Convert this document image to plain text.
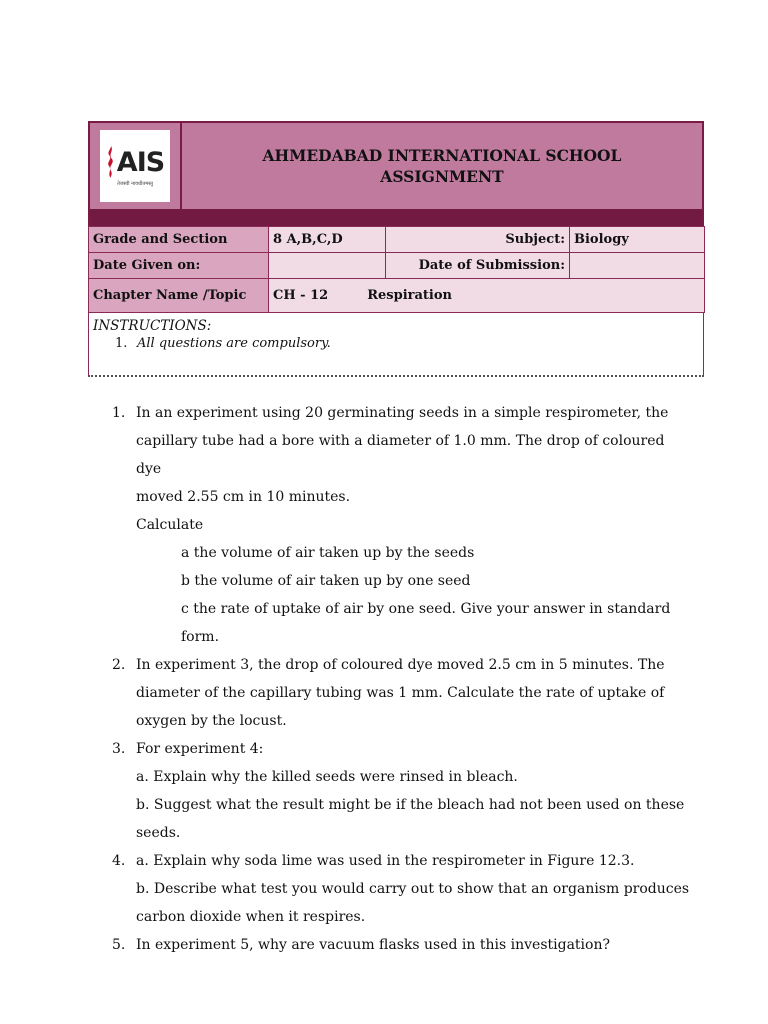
AIS
तेजस्वी नावधीतमस्तु
AHMEDABAD INTERNATIONAL SCHOOL
ASSIGNMENT
Grade and Section	8 A,B,C,D	Subject:	Biology
Date Given on:		Date of Submission:	
Chapter Name /Topic	CH - 12 Respiration		
INSTRUCTIONS:
1. All questions are compulsory.
1. In an experiment using 20 germinating seeds in a simple respirometer, the
capillary tube had a bore with a diameter of 1.0 mm. The drop of coloured dye
moved 2.55 cm in 10 minutes.
Calculate
a the volume of air taken up by the seeds
b the volume of air taken up by one seed
c the rate of uptake of air by one seed. Give your answer in standard form.
2. In experiment 3, the drop of coloured dye moved 2.5 cm in 5 minutes. The
diameter of the capillary tubing was 1 mm. Calculate the rate of uptake of
oxygen by the locust.
3. For experiment 4:
a. Explain why the killed seeds were rinsed in bleach.
b. Suggest what the result might be if the bleach had not been used on these
seeds.
4. a. Explain why soda lime was used in the respirometer in Figure 12.3.
b. Describe what test you would carry out to show that an organism produces
carbon dioxide when it respires.
5. In experiment 5, why are vacuum flasks used in this investigation?
